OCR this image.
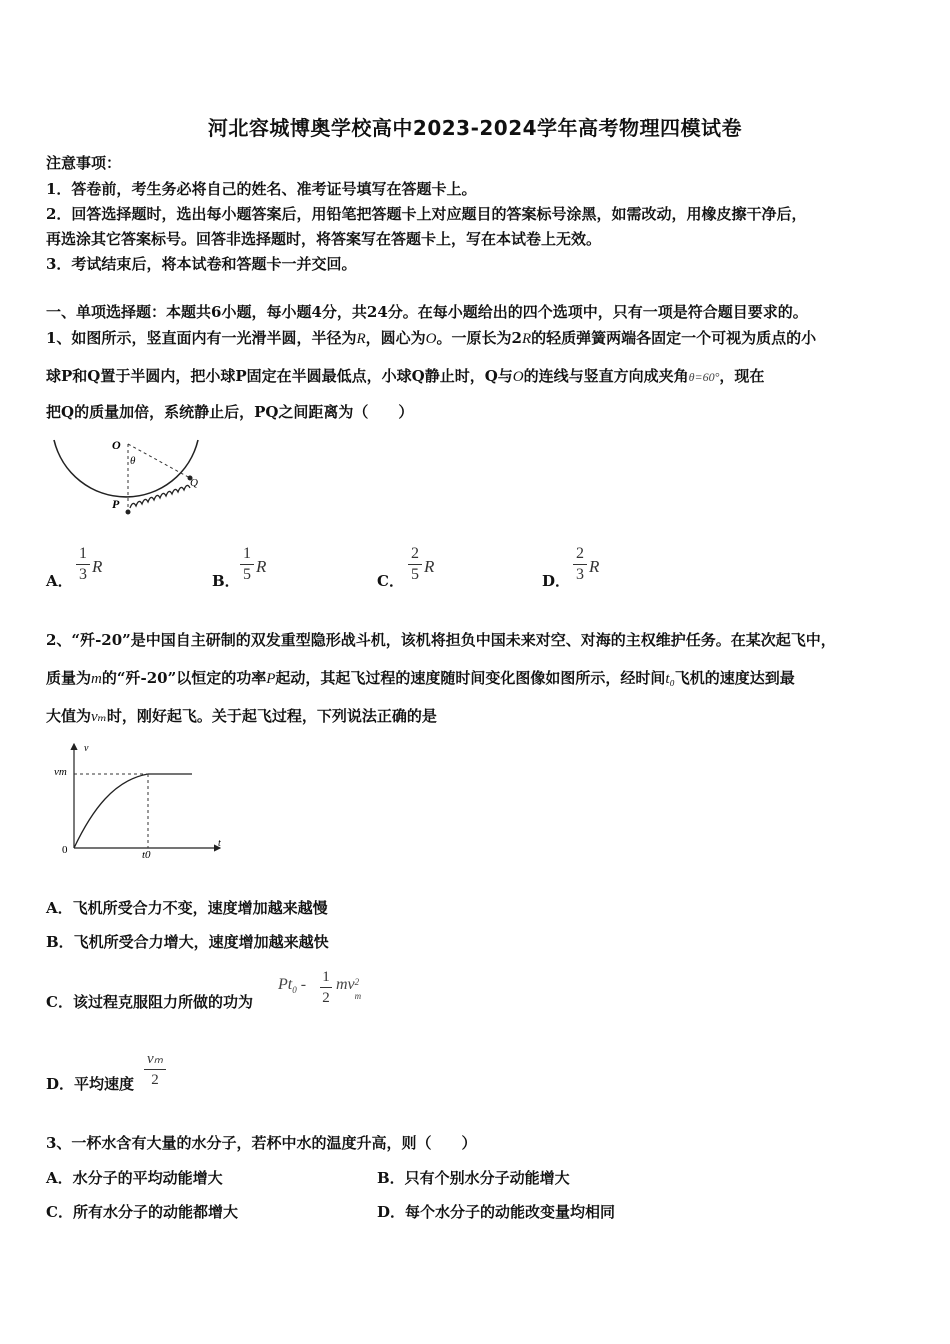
河北容城博奥学校高中2023-2024学年高考物理四模试卷
注意事项：
1．答卷前，考生务必将自己的姓名、准考证号填写在答题卡上。
2．回答选择题时，选出每小题答案后，用铅笔把答题卡上对应题目的答案标号涂黑，如需改动，用橡皮擦干净后，
再选涂其它答案标号。回答非选择题时，将答案写在答题卡上，写在本试卷上无效。
3．考试结束后，将本试卷和答题卡一并交回。
一、单项选择题：本题共6小题，每小题4分，共24分。在每小题给出的四个选项中，只有一项是符合题目要求的。
1、如图所示，竖直面内有一光滑半圆，半径为R，圆心为O。一原长为2R的轻质弹簧两端各固定一个可视为质点的小
球P和Q置于半圆内，把小球P固定在半圆最低点，小球Q静止时，Q与O的连线与竖直方向成夹角θ=60°，现在
把Q的质量加倍，系统静止后，PQ之间距离为（　　）
O
θ
P
Q
A．
1
3 R
B．
1
5 R
C．
2
5 R
D．
2
3 R
2、“歼-20”是中国自主研制的双发重型隐形战斗机，该机将担负中国未来对空、对海的主权维护任务。在某次起飞中，
质量为m的“歼-20”以恒定的功率P起动，其起飞过程的速度随时间变化图像如图所示，经时间t₀飞机的速度达到最
大值为vₘ时，刚好起飞。关于起飞过程，下列说法正确的是
v
t
vm
0	t0
A．飞机所受合力不变，速度增加越来越慢
B．飞机所受合力增大，速度增加越来越快
C．该过程克服阻力所做的功为
$Pt_0 - 1$
2
mv 2
m
D．平均速度
vₘ
2
3、一杯水含有大量的水分子，若杯中水的温度升高，则（　　）
A．水分子的平均动能增大	B．只有个别水分子动能增大
C．所有水分子的动能都增大	D．每个水分子的动能改变量均相同
